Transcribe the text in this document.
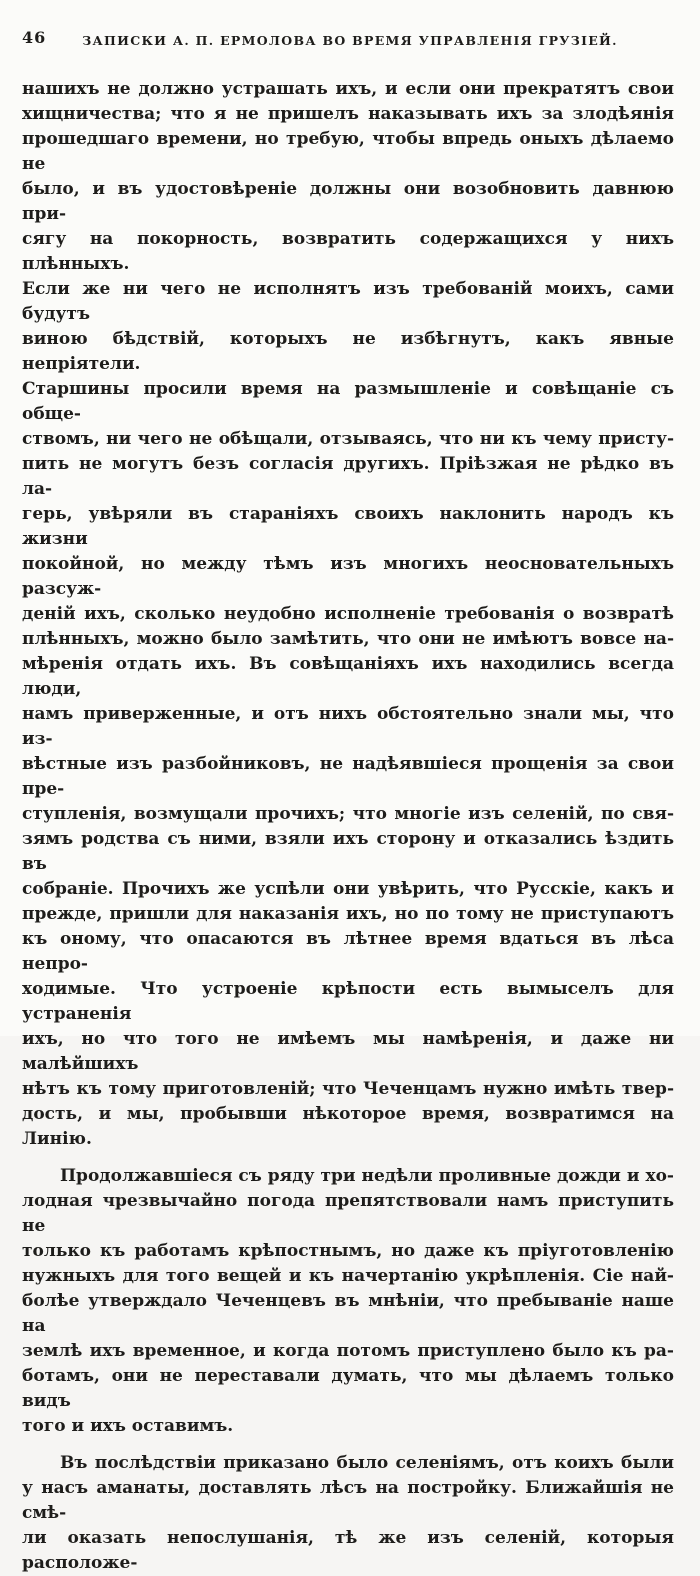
46	ЗАПИСКИ А. П. ЕРМОЛОВА ВО ВРЕМЯ УПРАВЛЕНІЯ ГРУЗІЕЙ.
нашихъ не должно устрашать ихъ, и если они прекратятъ свои
хищничества; что я не пришелъ наказывать ихъ за злодѣянія
прошедшаго времени, но требую, чтобы впредь оныхъ дѣлаемо не
было, и въ удостовѣреніе должны они возобновить давнюю при-
сягу на покорность, возвратить содержащихся у нихъ плѣнныхъ.
Если же ни чего не исполнятъ изъ требованій моихъ, сами будутъ
виною бѣдствій, которыхъ не избѣгнутъ, какъ явные непріятели.
Старшины просили время на размышленіе и совѣщаніе съ обще-
ствомъ, ни чего не обѣщали, отзываясь, что ни къ чему присту-
пить не могутъ безъ согласія другихъ. Пріѣзжая не рѣдко въ ла-
герь, увѣряли въ стараніяхъ своихъ наклонить народъ къ жизни
покойной, но между тѣмъ изъ многихъ неосновательныхъ разсуж-
деній ихъ, сколько неудобно исполненіе требованія о возвратѣ
плѣнныхъ, можно было замѣтить, что они не имѣютъ вовсе на-
мѣренія отдать ихъ. Въ совѣщаніяхъ ихъ находились всегда люди,
намъ приверженные, и отъ нихъ обстоятельно знали мы, что из-
вѣстные изъ разбойниковъ, не надѣявшіеся прощенія за свои пре-
ступленія, возмущали прочихъ; что многіе изъ селеній, по свя-
зямъ родства съ ними, взяли ихъ сторону и отказались ѣздить въ
собраніе. Прочихъ же успѣли они увѣрить, что Русскіе, какъ и
прежде, пришли для наказанія ихъ, но по тому не приступаютъ
къ оному, что опасаются въ лѣтнее время вдаться въ лѣса непро-
ходимые. Что устроеніе крѣпости есть вымыселъ для устраненія
ихъ, но что того не имѣемъ мы намѣренія, и даже ни малѣйшихъ
нѣтъ къ тому приготовленій; что Чеченцамъ нужно имѣть твер-
дость, и мы, пробывши нѣкоторое время, возвратимся на Линію.
Продолжавшіеся съ ряду три недѣли проливные дожди и хо-
лодная чрезвычайно погода препятствовали намъ приступить не
только къ работамъ крѣпостнымъ, но даже къ пріуготовленію
нужныхъ для того вещей и къ начертанію укрѣпленія. Сіе най-
болѣе утверждало Чеченцевъ въ мнѣніи, что пребываніе наше на
землѣ ихъ временное, и когда потомъ приступлено было къ ра-
ботамъ, они не переставали думать, что мы дѣлаемъ только видъ
того и ихъ оставимъ.
Въ послѣдствіи приказано было селеніямъ, отъ коихъ были
у насъ аманаты, доставлять лѣсъ на постройку. Ближайшія не смѣ-
ли оказать непослушанія, тѣ же изъ селеній, которыя расположе-
